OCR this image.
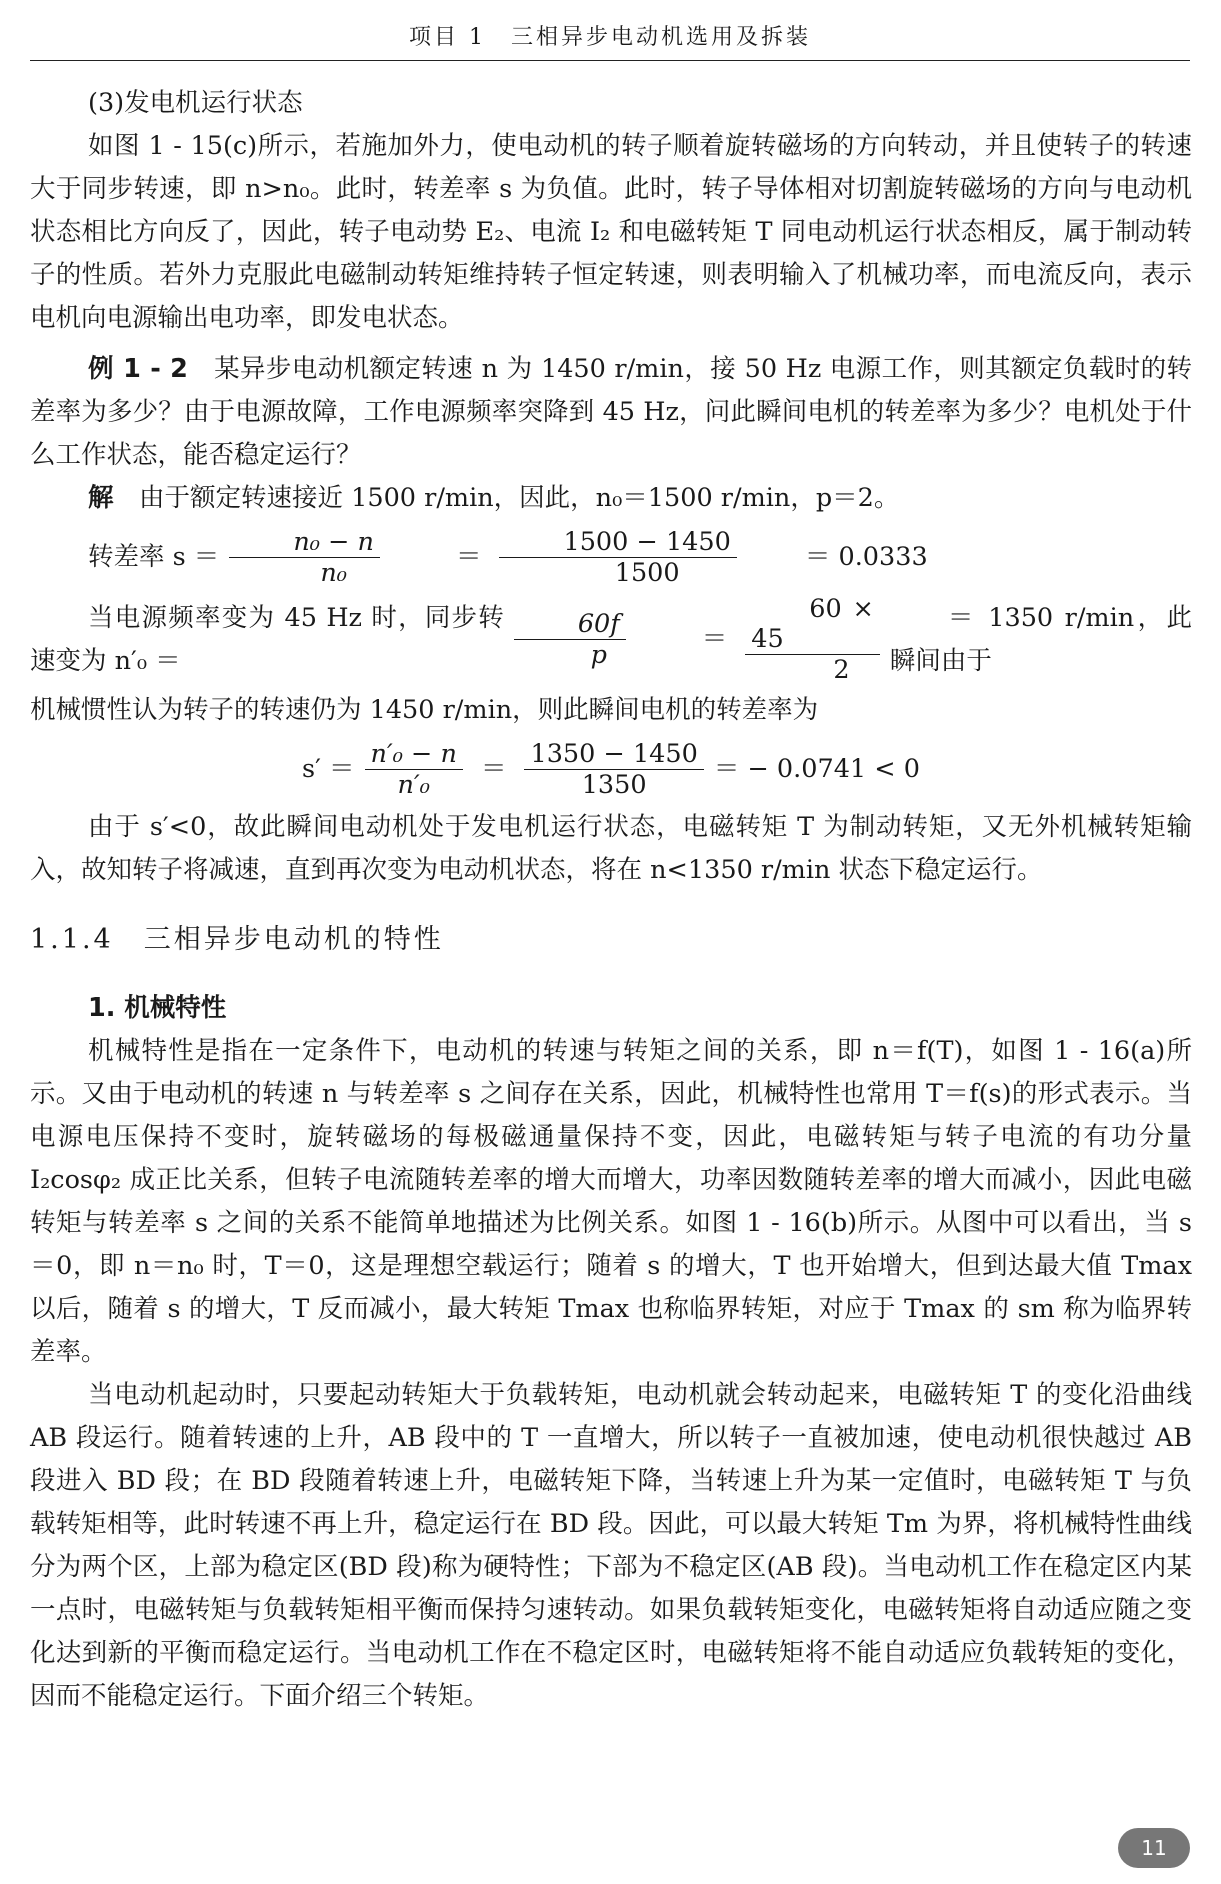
项目 1　三相异步电动机选用及拆装

(3)发电机运行状态

如图 1 - 15(c)所示，若施加外力，使电动机的转子顺着旋转磁场的方向转动，并且使转子的转速大于同步转速，即 n>n₀。此时，转差率 s 为负值。此时，转子导体相对切割旋转磁场的方向与电动机状态相比方向反了，因此，转子电动势 E₂、电流 I₂ 和电磁转矩 T 同电动机运行状态相反，属于制动转子的性质。若外力克服此电磁制动转矩维持转子恒定转速，则表明输入了机械功率，而电流反向，表示电机向电源输出电功率，即发电状态。

例 1 - 2　某异步电动机额定转速 n 为 1450 r/min，接 50 Hz 电源工作，则其额定负载时的转差率为多少？由于电源故障，工作电源频率突降到 45 Hz，问此瞬间电机的转差率为多少？电机处于什么工作状态，能否稳定运行？

解　由于额定转速接近 1500 r/min，因此，n₀＝1500 r/min，p＝2。

转差率 $s = \frac{\text{n₀ − n}}{\text{n₀}}$	＝ $\frac{1500 - 1450}{1500}$	＝ 0.0333

当电源频率变为 45 Hz 时，同步转速变为 n′₀ ＝	$\frac{60f}{p}$	＝ $\frac{60 \times 45}{2}$	＝ 1350 r/min，此瞬间由于

机械惯性认为转子的转速仍为 1450 r/min，则此瞬间电机的转差率为

$s' = \frac{\text{n′₀ − n}}{\text{n′₀}} = \frac{1350 - 1450}{1350}$ ＝ − 0.0741 < 0

由于 s′<0，故此瞬间电动机处于发电机运行状态，电磁转矩 T 为制动转矩，又无外机械转矩输入，故知转子将减速，直到再次变为电动机状态，将在 n<1350 r/min 状态下稳定运行。

1.1.4　三相异步电动机的特性

1. 机械特性

机械特性是指在一定条件下，电动机的转速与转矩之间的关系，即 n＝f(T)，如图 1 - 16(a)所示。又由于电动机的转速 n 与转差率 s 之间存在关系，因此，机械特性也常用 T＝f(s)的形式表示。当电源电压保持不变时，旋转磁场的每极磁通量保持不变，因此，电磁转矩与转子电流的有功分量 I₂cosφ₂ 成正比关系，但转子电流随转差率的增大而增大，功率因数随转差率的增大而减小，因此电磁转矩与转差率 s 之间的关系不能简单地描述为比例关系。如图 1 - 16(b)所示。从图中可以看出，当 s＝0，即 n＝n₀ 时，T＝0，这是理想空载运行；随着 s 的增大，T 也开始增大，但到达最大值 Tmax 以后，随着 s 的增大，T 反而减小，最大转矩 Tmax 也称临界转矩，对应于 Tmax 的 sm 称为临界转差率。

当电动机起动时，只要起动转矩大于负载转矩，电动机就会转动起来，电磁转矩 T 的变化沿曲线 AB 段运行。随着转速的上升，AB 段中的 T 一直增大，所以转子一直被加速，使电动机很快越过 AB 段进入 BD 段；在 BD 段随着转速上升，电磁转矩下降，当转速上升为某一定值时，电磁转矩 T 与负载转矩相等，此时转速不再上升，稳定运行在 BD 段。因此，可以最大转矩 Tm 为界，将机械特性曲线分为两个区，上部为稳定区(BD 段)称为硬特性；下部为不稳定区(AB 段)。当电动机工作在稳定区内某一点时，电磁转矩与负载转矩相平衡而保持匀速转动。如果负载转矩变化，电磁转矩将自动适应随之变化达到新的平衡而稳定运行。当电动机工作在不稳定区时，电磁转矩将不能自动适应负载转矩的变化，因而不能稳定运行。下面介绍三个转矩。

11
